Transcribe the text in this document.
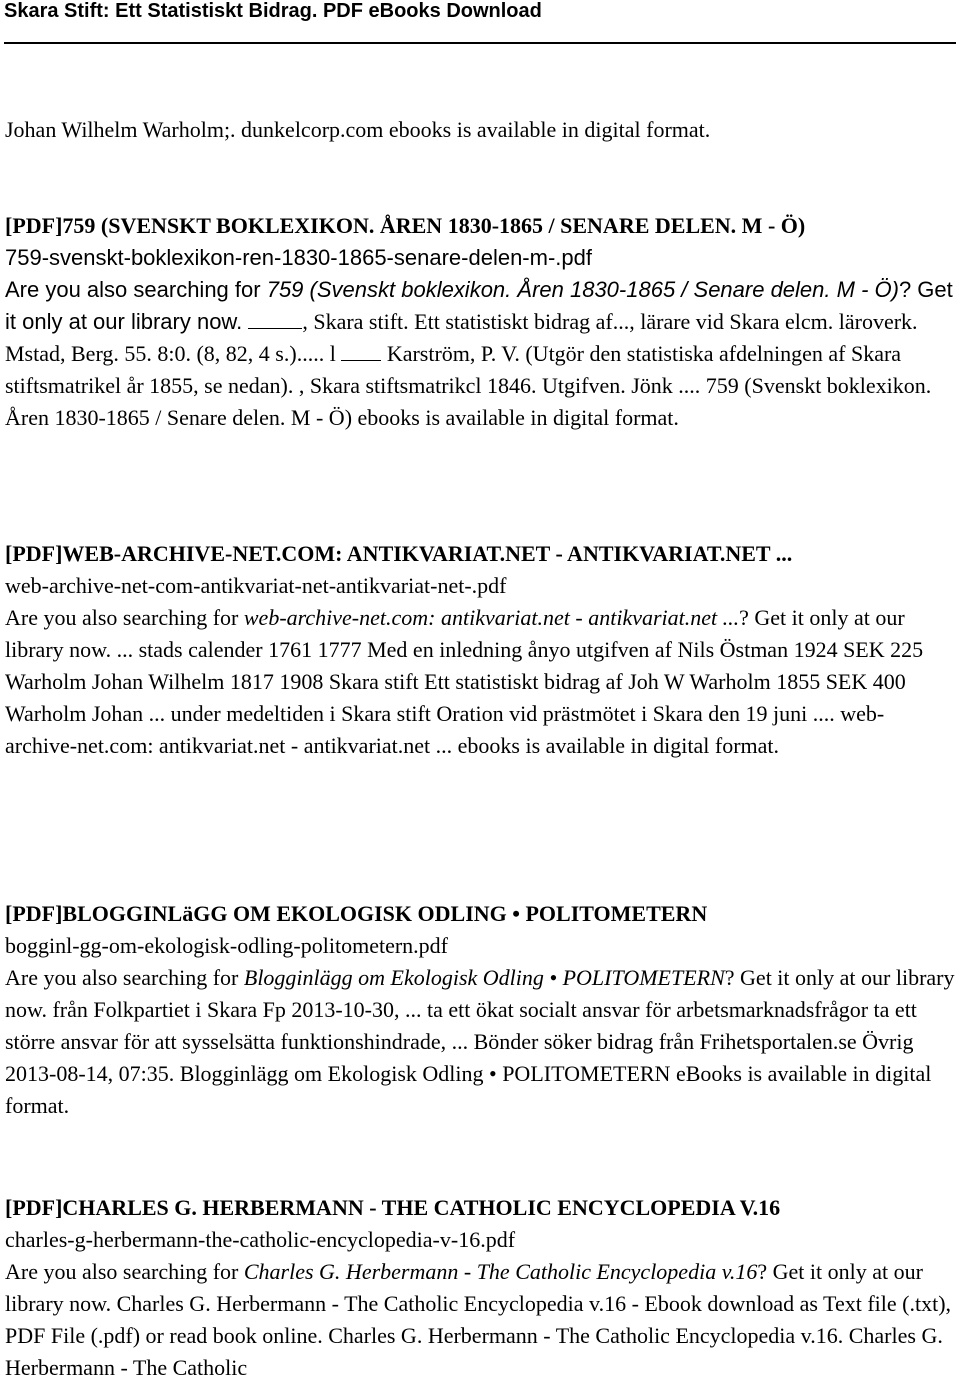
Skara Stift: Ett Statistiskt Bidrag. PDF eBooks Download
Johan Wilhelm Warholm;. dunkelcorp.com ebooks is available in digital format.
[PDF]759 (SVENSKT BOKLEXIKON. ÅREN 1830-1865 / SENARE DELEN. M - Ö)
759-svenskt-boklexikon-ren-1830-1865-senare-delen-m-.pdf
Are you also searching for 759 (Svenskt boklexikon. Åren 1830-1865 / Senare delen. M - Ö)? Get it only at our library now. , Skara stift. Ett statistiskt bidrag af..., lärare vid Skara elcm. läroverk. Mstad, Berg. 55. 8:0. (8, 82, 4 s.)..... l  Karström, P. V. (Utgör den statistiska afdelningen af Skara stiftsmatrikel år 1855, se nedan). , Skara stiftsmatrikcl 1846. Utgifven. Jönk .... 759 (Svenskt boklexikon. Åren 1830-1865 / Senare delen. M - Ö) ebooks is available in digital format.
[PDF]WEB-ARCHIVE-NET.COM: ANTIKVARIAT.NET - ANTIKVARIAT.NET ...
web-archive-net-com-antikvariat-net-antikvariat-net-.pdf
Are you also searching for web-archive-net.com: antikvariat.net - antikvariat.net ...? Get it only at our library now. ... stads calender 1761 1777 Med en inledning ånyo utgifven af Nils Östman 1924 SEK 225 Warholm Johan Wilhelm 1817 1908 Skara stift Ett statistiskt bidrag af Joh W Warholm 1855 SEK 400 Warholm Johan ... under medeltiden i Skara stift Oration vid prästmötet i Skara den 19 juni .... web-archive-net.com: antikvariat.net - antikvariat.net ... ebooks is available in digital format.
[PDF]BLOGGINLäGG OM EKOLOGISK ODLING • POLITOMETERN
bogginl-gg-om-ekologisk-odling-politometern.pdf
Are you also searching for Blogginlägg om Ekologisk Odling • POLITOMETERN? Get it only at our library now. från Folkpartiet i Skara Fp 2013-10-30, ... ta ett ökat socialt ansvar för arbetsmarknadsfrågor ta ett större ansvar för att sysselsätta funktionshindrade, ... Bönder söker bidrag från Frihetsportalen.se Övrig 2013-08-14, 07:35. Blogginlägg om Ekologisk Odling • POLITOMETERN eBooks is available in digital format.
[PDF]CHARLES G. HERBERMANN - THE CATHOLIC ENCYCLOPEDIA V.16
charles-g-herbermann-the-catholic-encyclopedia-v-16.pdf
Are you also searching for Charles G. Herbermann - The Catholic Encyclopedia v.16? Get it only at our library now. Charles G. Herbermann - The Catholic Encyclopedia v.16 - Ebook download as Text file (.txt), PDF File (.pdf) or read book online. Charles G. Herbermann - The Catholic Encyclopedia v.16. Charles G. Herbermann - The Catholic
